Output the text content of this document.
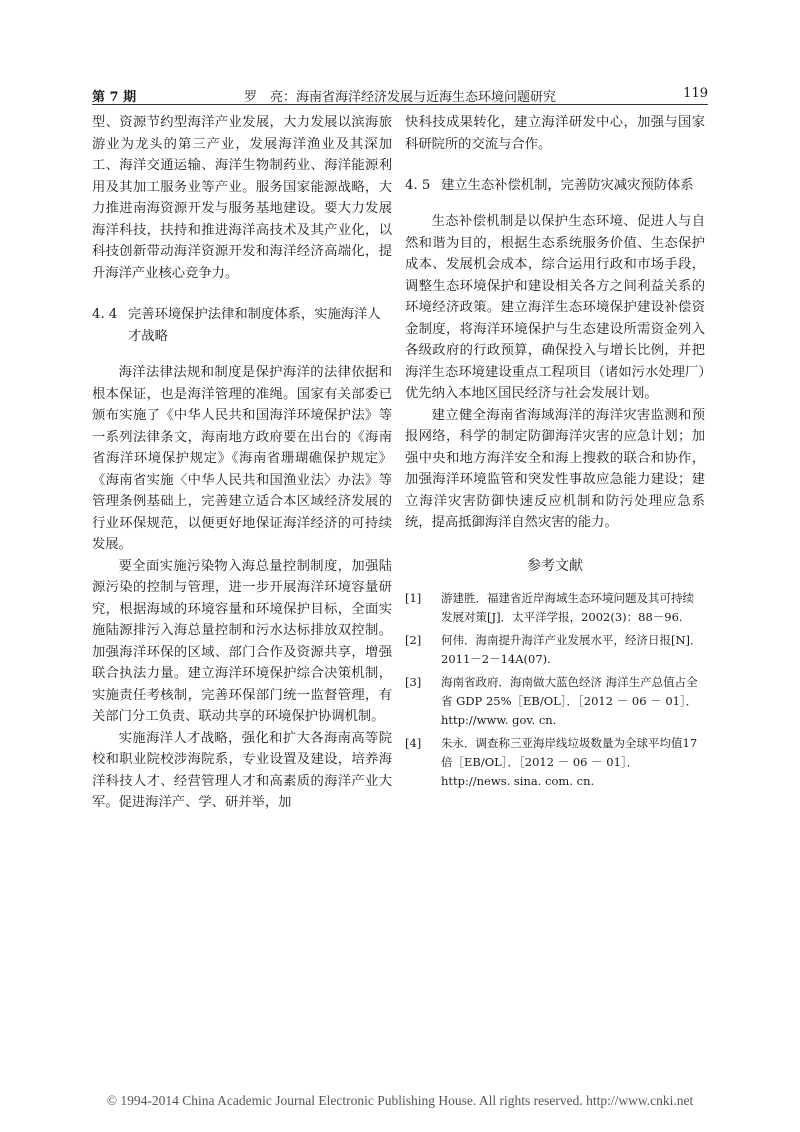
第 7 期	罗　亮：海南省海洋经济发展与近海生态环境问题研究	119

型、资源节约型海洋产业发展，大力发展以滨海旅游业为龙头的第三产业，发展海洋渔业及其深加工、海洋交通运输、海洋生物制药业、海洋能源利用及其加工服务业等产业。服务国家能源战略，大力推进南海资源开发与服务基地建设。要大力发展海洋科技，扶持和推进海洋高技术及其产业化，以科技创新带动海洋资源开发和海洋经济高端化，提升海洋产业核心竞争力。

4. 4 完善环境保护法律和制度体系，实施海洋人才战略

海洋法律法规和制度是保护海洋的法律依据和根本保证，也是海洋管理的准绳。国家有关部委已颁布实施了《中华人民共和国海洋环境保护法》等一系列法律条文，海南地方政府要在出台的《海南省海洋环境保护规定》《海南省珊瑚礁保护规定》《海南省实施〈中华人民共和国渔业法〉办法》等管理条例基础上，完善建立适合本区域经济发展的行业环保规范，以便更好地保证海洋经济的可持续发展。

要全面实施污染物入海总量控制制度，加强陆源污染的控制与管理，进一步开展海洋环境容量研究，根据海域的环境容量和环境保护目标，全面实施陆源排污入海总量控制和污水达标排放双控制。加强海洋环保的区域、部门合作及资源共享，增强联合执法力量。建立海洋环境保护综合决策机制，实施责任考核制，完善环保部门统一监督管理，有关部门分工负责、联动共享的环境保护协调机制。

实施海洋人才战略，强化和扩大各海南高等院校和职业院校涉海院系，专业设置及建设，培养海洋科技人才、经营管理人才和高素质的海洋产业大军。促进海洋产、学、研并举，加

快科技成果转化，建立海洋研发中心，加强与国家科研院所的交流与合作。

4. 5 建立生态补偿机制，完善防灾减灾预防体系

生态补偿机制是以保护生态环境、促进人与自然和谐为目的，根据生态系统服务价值、生态保护成本、发展机会成本，综合运用行政和市场手段，调整生态环境保护和建设相关各方之间利益关系的环境经济政策。建立海洋生态环境保护建设补偿资金制度，将海洋环境保护与生态建设所需资金列入各级政府的行政预算，确保投入与增长比例，并把海洋生态环境建设重点工程项目（诸如污水处理厂）优先纳入本地区国民经济与社会发展计划。

建立健全海南省海域海洋的海洋灾害监测和预报网络，科学的制定防御海洋灾害的应急计划；加强中央和地方海洋安全和海上搜救的联合和协作，加强海洋环境监管和突发性事故应急能力建设；建立海洋灾害防御快速反应机制和防污处理应急系统，提高抵御海洋自然灾害的能力。

参考文献
[1]	游建胜．福建省近岸海域生态环境问题及其可持续发展对策[J]．太平洋学报，2002(3)：88－96.
[2]	何伟．海南提升海洋产业发展水平，经济日报[N]．2011－2－14A(07).
[3]	海南省政府．海南做大蓝色经济 海洋生产总值占全省 GDP 25%［EB/OL］．［2012 － 06 － 01］．http://www. gov. cn.
[4]	朱永．调查称三亚海岸线垃圾数量为全球平均值17 倍［EB/OL］．［2012 － 06 － 01］．http://news. sina. com. cn.
© 1994-2014 China Academic Journal Electronic Publishing House. All rights reserved. http://www.cnki.net
